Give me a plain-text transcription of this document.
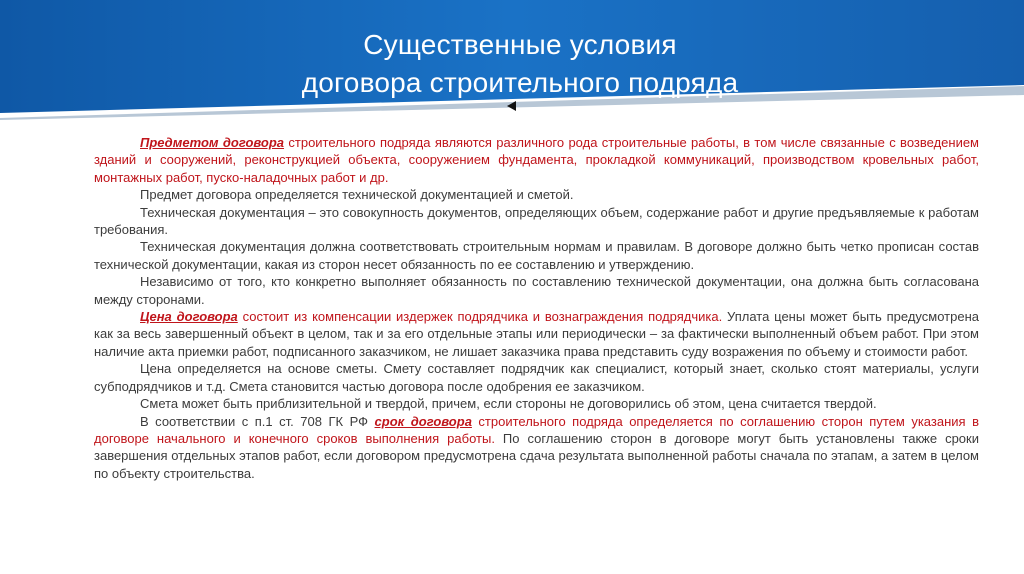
Существенные условия
договора строительного подряда

Предметом договора строительного подряда являются различного рода строительные работы, в том числе связанные с возведением зданий и сооружений, реконструкцией объекта, сооружением фундамента, прокладкой коммуникаций, производством кровельных работ, монтажных работ, пуско-наладочных работ и др.

Предмет договора определяется технической документацией и сметой.

Техническая документация – это совокупность документов, определяющих объем, содержание работ и другие предъявляемые к работам требования.

Техническая документация должна соответствовать строительным нормам и правилам. В договоре должно быть четко прописан состав технической документации, какая из сторон несет обязанность по ее составлению и утверждению.

Независимо от того, кто конкретно выполняет обязанность по составлению технической документации, она должна быть согласована между сторонами.

Цена договора состоит из компенсации издержек подрядчика и вознаграждения подрядчика. Уплата цены может быть предусмотрена как за весь завершенный объект в целом, так и за его отдельные этапы или периодически – за фактически выполненный объем работ. При этом наличие акта приемки работ, подписанного заказчиком, не лишает заказчика права представить суду возражения по объему и стоимости работ.

Цена определяется на основе сметы. Смету составляет подрядчик как специалист, который знает, сколько стоят материалы, услуги субподрядчиков и т.д. Смета становится частью договора после одобрения ее заказчиком.

Смета может быть приблизительной и твердой, причем, если стороны не договорились об этом, цена считается твердой.

В соответствии с п.1 ст. 708 ГК РФ срок договора строительного подряда определяется по соглашению сторон путем указания в договоре начального и конечного сроков выполнения работы. По соглашению сторон в договоре могут быть установлены также сроки завершения отдельных этапов работ, если договором предусмотрена сдача результата выполненной работы сначала по этапам, а затем в целом по объекту строительства.
